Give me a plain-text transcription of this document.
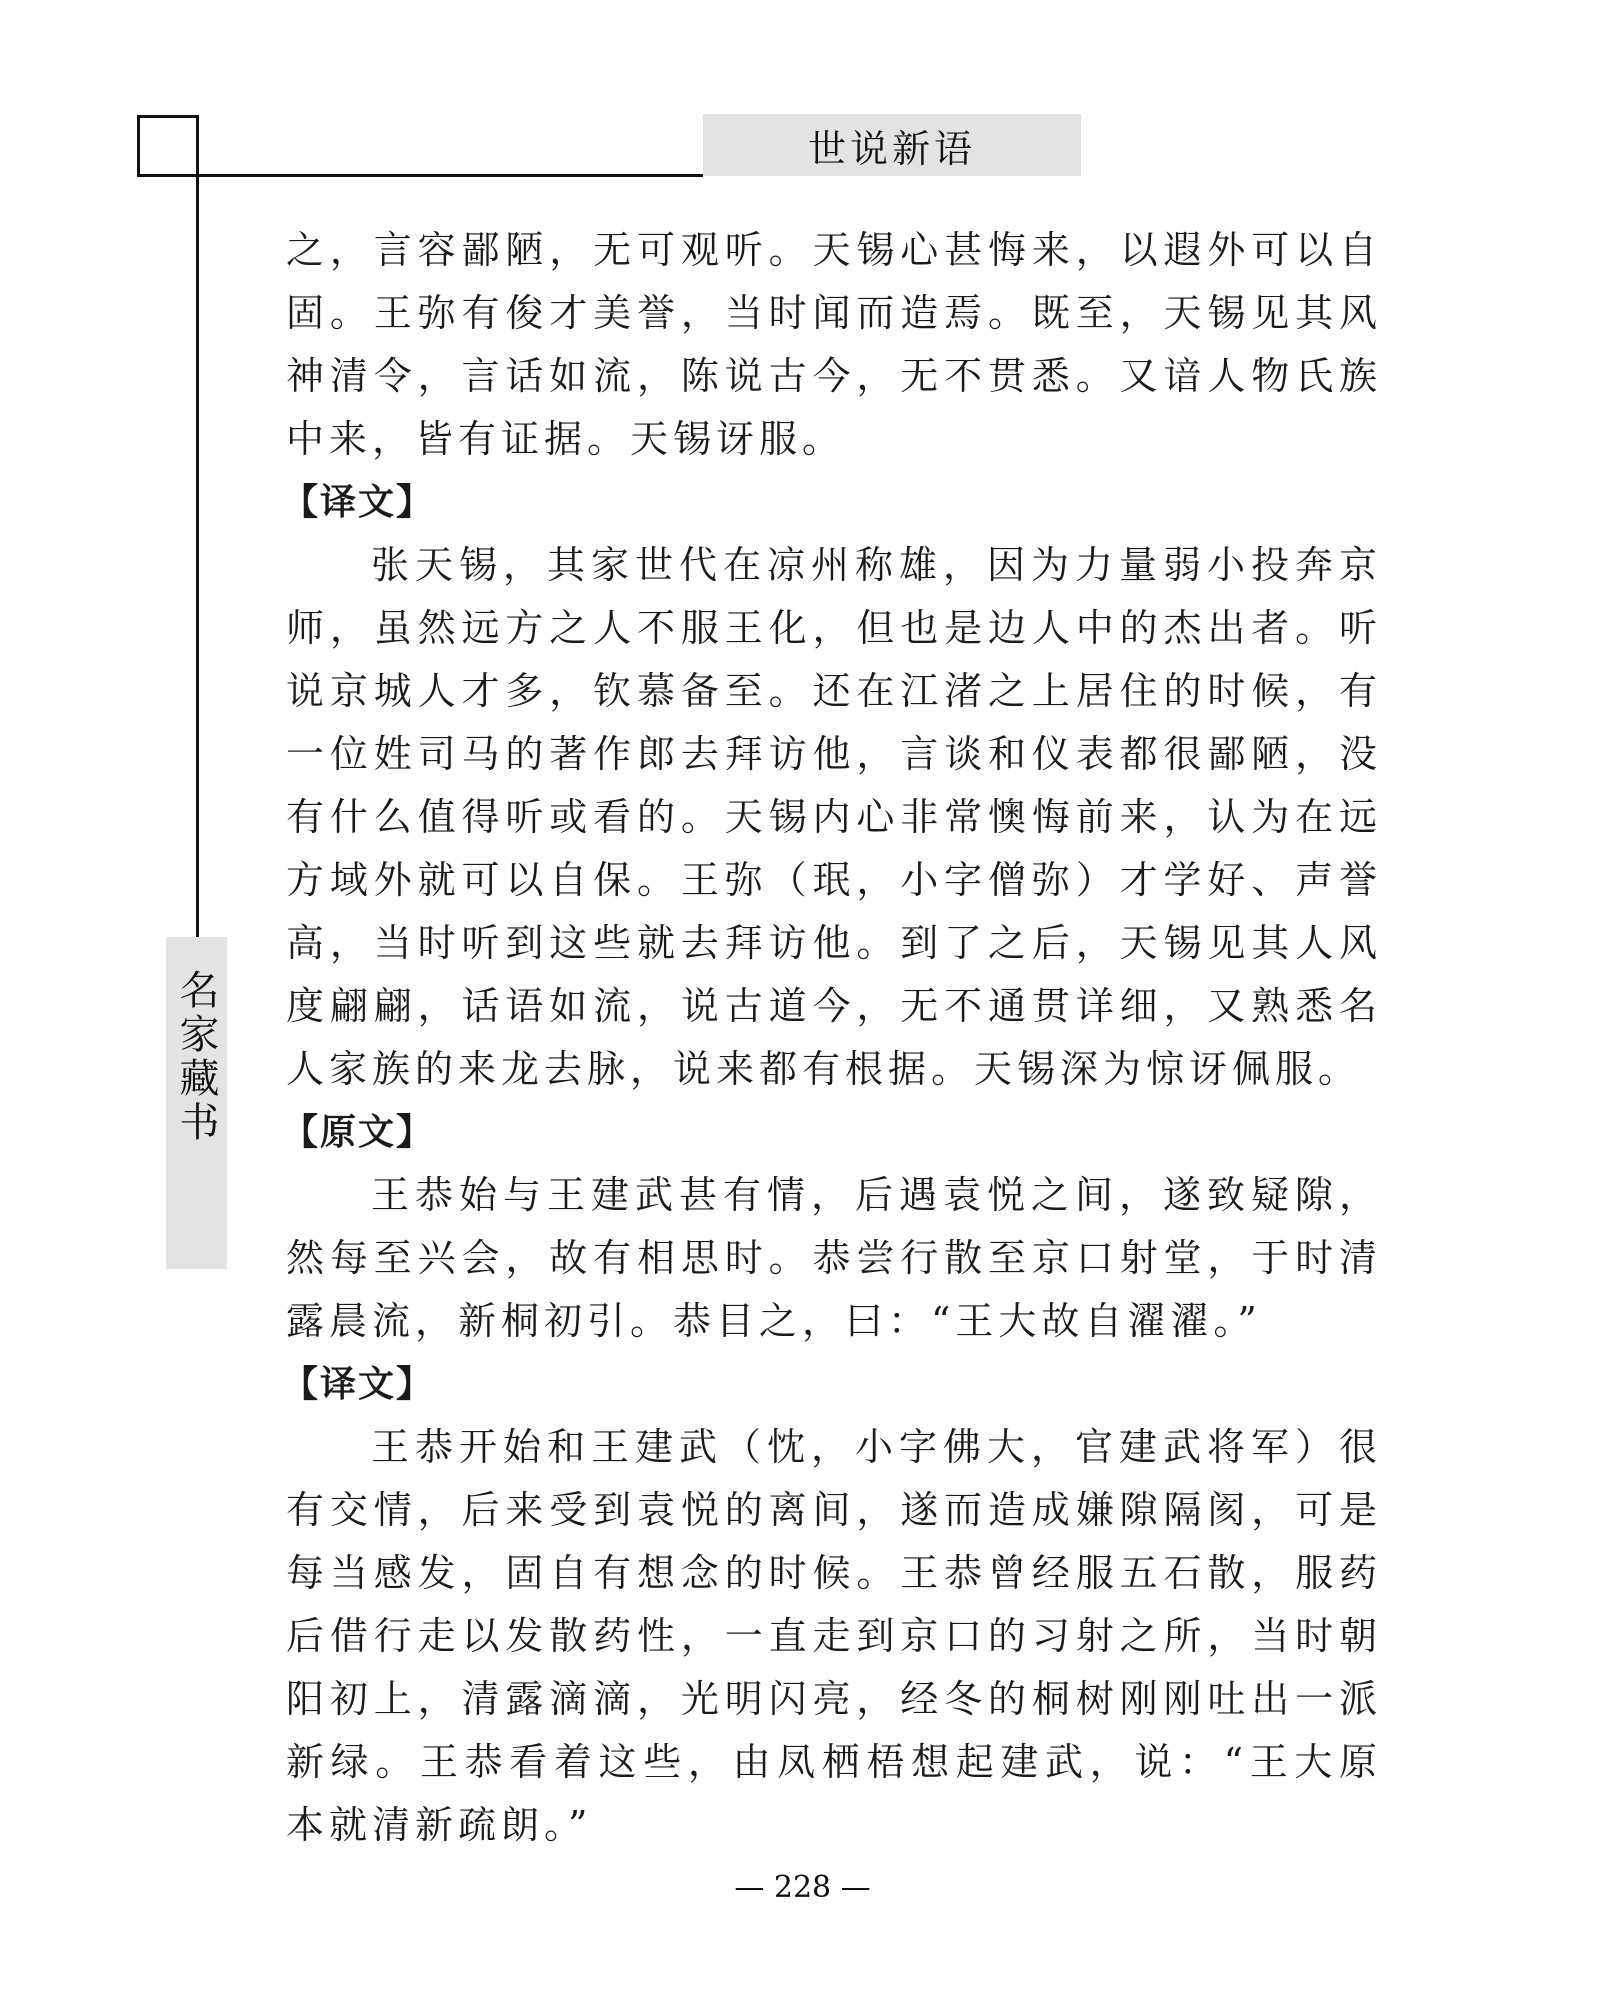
世说新语
名家藏书

之，言容鄙陋，无可观听。天锡心甚悔来，以遐外可以自固。王弥有俊才美誉，当时闻而造焉。既至，天锡见其风神清令，言话如流，陈说古今，无不贯悉。又谙人物氏族中来，皆有证据。天锡讶服。

【译文】

张天锡，其家世代在凉州称雄，因为力量弱小投奔京师，虽然远方之人不服王化，但也是边人中的杰出者。听说京城人才多，钦慕备至。还在江渚之上居住的时候，有一位姓司马的著作郎去拜访他，言谈和仪表都很鄙陋，没有什么值得听或看的。天锡内心非常懊悔前来，认为在远方域外就可以自保。王弥（珉，小字僧弥）才学好、声誉高，当时听到这些就去拜访他。到了之后，天锡见其人风度翩翩，话语如流，说古道今，无不通贯详细，又熟悉名人家族的来龙去脉，说来都有根据。天锡深为惊讶佩服。

【原文】

王恭始与王建武甚有情，后遇袁悦之间，遂致疑隙，然每至兴会，故有相思时。恭尝行散至京口射堂，于时清露晨流，新桐初引。恭目之，曰：“王大故自濯濯。”

【译文】

王恭开始和王建武（忱，小字佛大，官建武将军）很有交情，后来受到袁悦的离间，遂而造成嫌隙隔阂，可是每当感发，固自有想念的时候。王恭曾经服五石散，服药后借行走以发散药性，一直走到京口的习射之所，当时朝阳初上，清露滴滴，光明闪亮，经冬的桐树刚刚吐出一派新绿。王恭看着这些，由凤栖梧想起建武，说：“王大原本就清新疏朗。”

— 228 —
